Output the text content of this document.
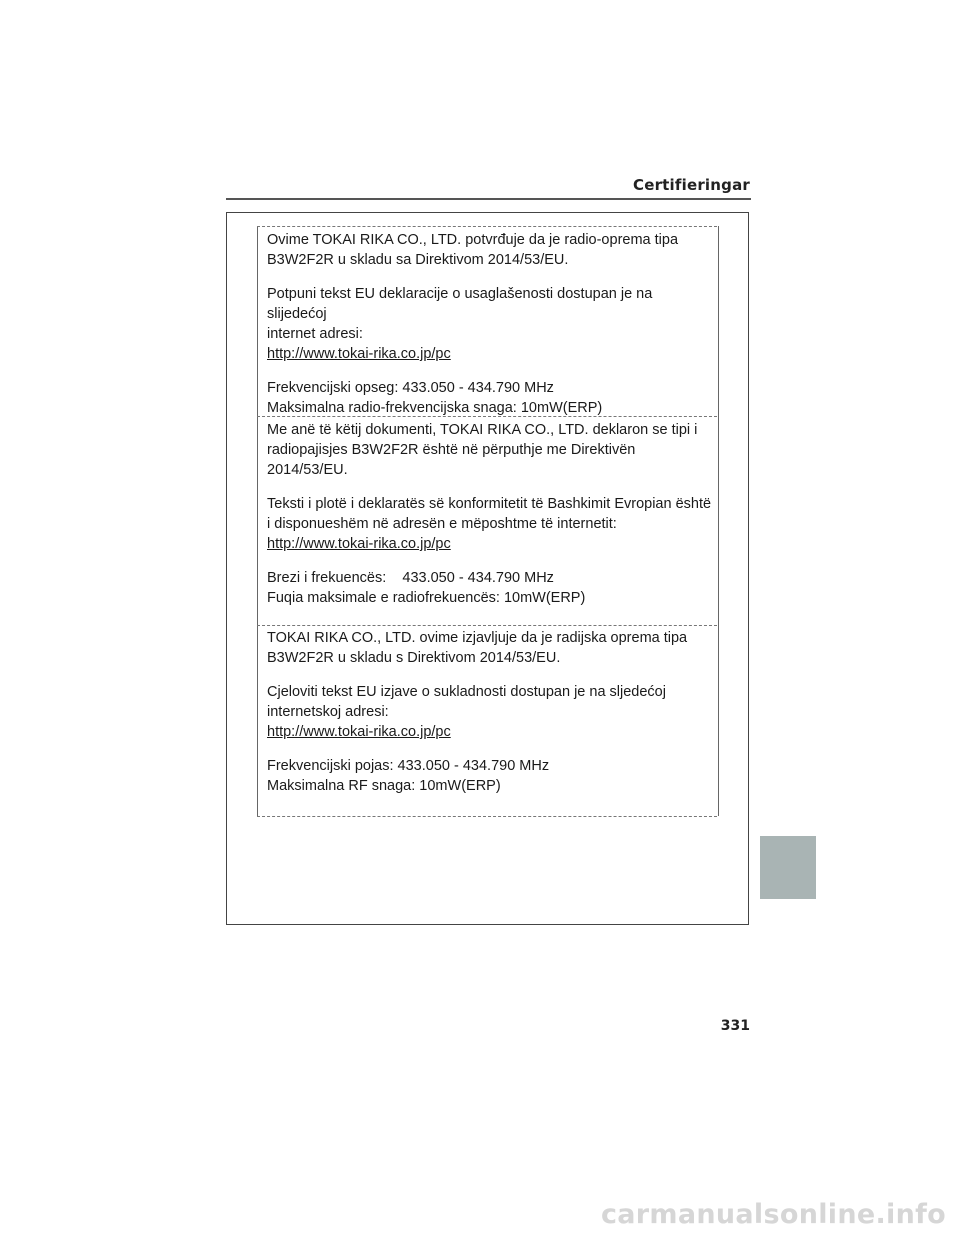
Certifieringar

Ovime TOKAI RIKA CO., LTD. potvrđuje da je radio-oprema tipa

B3W2F2R u skladu sa Direktivom 2014/53/EU.

Potpuni tekst EU deklaracije o usaglašenosti dostupan je na slijedećoj

internet adresi:

http://www.tokai-rika.co.jp/pc

Frekvencijski opseg: 433.050 - 434.790 MHz

Maksimalna radio-frekvencijska snaga: 10mW(ERP)

Me anë të këtij dokumenti, TOKAI RIKA CO., LTD. deklaron se tipi i

radiopajisjes B3W2F2R është në përputhje me Direktivën

2014/53/EU.

Teksti i plotë i deklaratës së konformitetit të Bashkimit Evropian është

i disponueshëm në adresën e mëposhtme të internetit:

http://www.tokai-rika.co.jp/pc

Brezi i frekuencës:    433.050 - 434.790 MHz

Fuqia maksimale e radiofrekuencës: 10mW(ERP)

TOKAI RIKA CO., LTD. ovime izjavljuje da je radijska oprema tipa

B3W2F2R u skladu s Direktivom 2014/53/EU.

Cjeloviti tekst EU izjave o sukladnosti dostupan je na sljedećoj

internetskoj adresi:

http://www.tokai-rika.co.jp/pc

Frekvencijski pojas: 433.050 - 434.790 MHz

Maksimalna RF snaga: 10mW(ERP)

331
carmanualsonline.info
